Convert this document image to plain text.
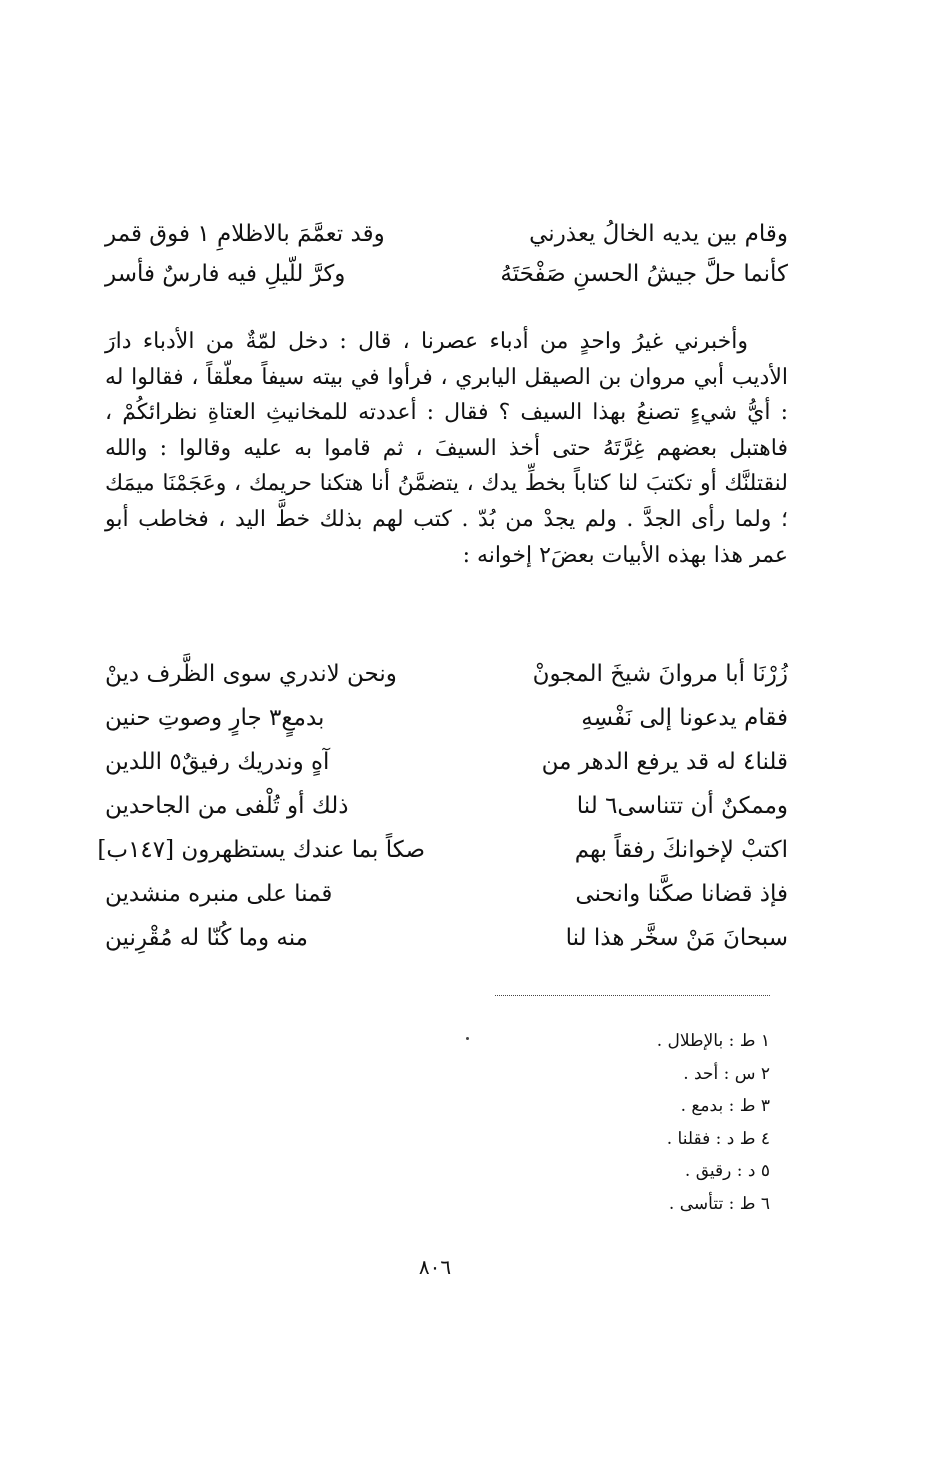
وقام بين يديه الخالُ يعذرني
وقد تعمَّمَ بالاظلامِ ١ فوق قمر
كأنما حلَّ جيشُ الحسنِ صَفْحَتَهُ
وكرَّ للّيلِ فيه فارسٌ فأسر

وأخبرني غيرُ واحدٍ من أدباء عصرنا ، قال : دخل لمّةٌ من الأدباء دارَ الأديب أبي مروان بن الصيقل اليابري ، فرأوا في بيته سيفاً معلّقاً ، فقالوا له : أيُّ شيءٍ تصنعُ بهذا السيف ؟ فقال : أعددته للمخانيثِ العتاةِ نظرائكُمْ ، فاهتبل بعضهم غِرَّتَهُ حتى أخذ السيفَ ، ثم قاموا به عليه وقالوا : والله لنقتلنَّك أو تكتبَ لنا كتاباً بخطِّ يدك ، يتضمَّنُ أنا هتكنا حريمك ، وعَجَمْنَا ميمَك ؛ ولما رأى الجدَّ . ولم يجدْ من بُدّ . كتب لهم بذلك خطَّ اليد ، فخاطب أبو عمر هذا بهذه الأبيات بعضَ٢ إخوانه :

زُرْنَا أبا مروانَ شيخَ المجونْ
ونحن لاندري سوى الظَّرف دينْ
فقام يدعونا إلى نَفْسِهِ
بدمعٍ٣ جارٍ وصوتِ حنين
قلنا٤ له قد يرفع الدهر من
آهٍ وندريك رفيقٌ٥ اللدين
وممكنٌ أن تتناسى٦ لنا
ذلك أو تُلْفى من الجاحدين
اكتبْ لإخوانكَ رفقاً بهم
صكاً بما عندك يستظهرون [١٤٧ب]
فإذ قضانا صكَّنا وانحنى
قمنا على منبره منشدين
سبحانَ مَنْ سخَّر هذا لنا
منه وما كُنّا له مُقْرِنين
١ ط : بالإطلال .
٢ س : أحد .
٣ ط : بدمع .
٤ ط د : فقلنا .
٥ د : رقيق .
٦ ط : تتأسى .
٨٠٦
